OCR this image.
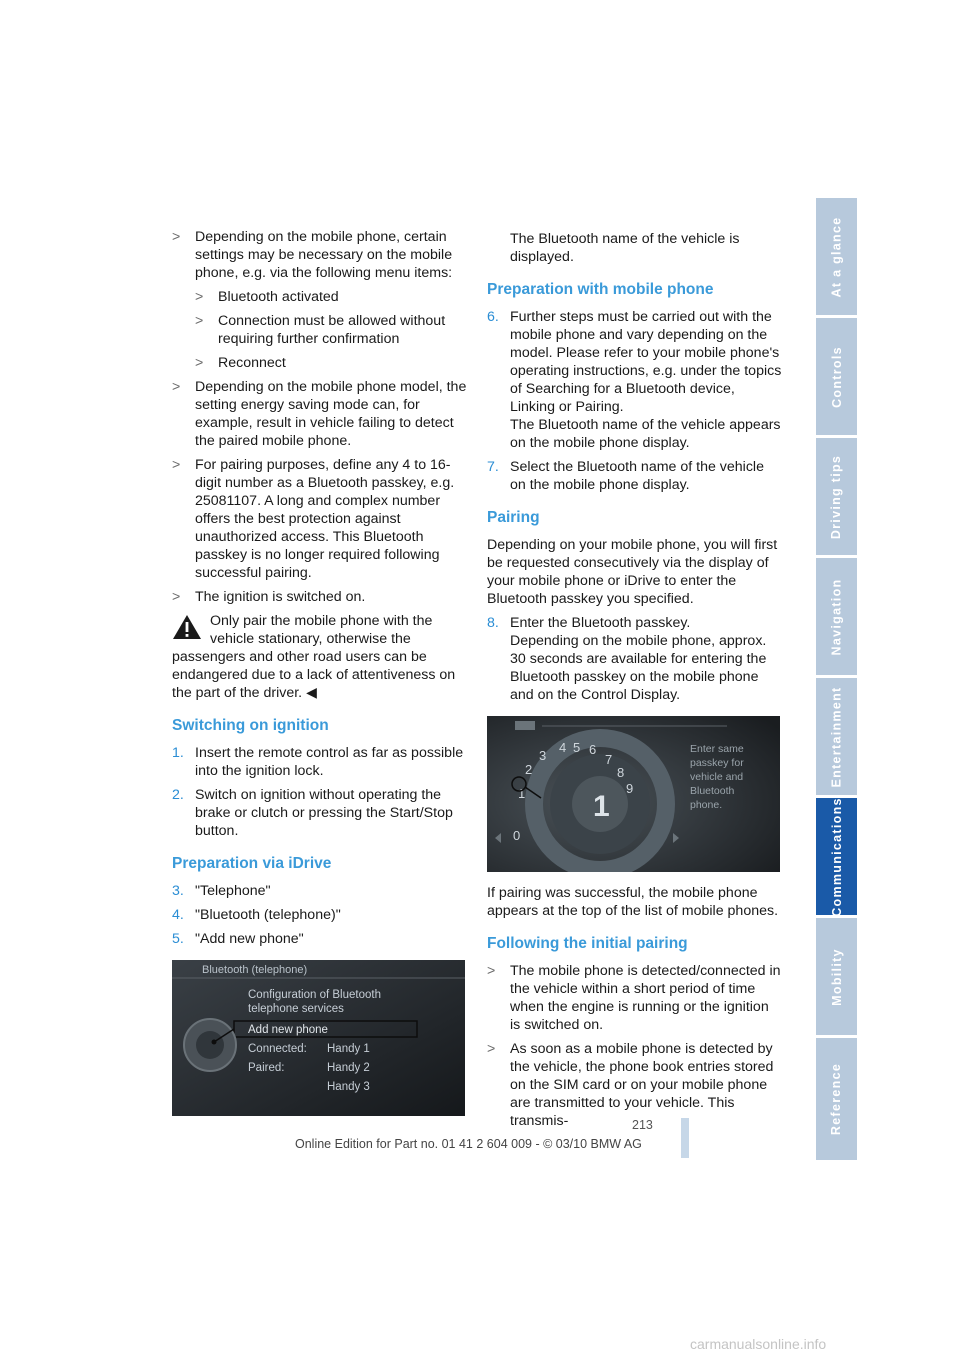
> Depending on the mobile phone, certain settings may be necessary on the mobile phone, e.g. via the following menu items:
> Bluetooth activated
> Connection must be allowed without requiring further confirmation
> Reconnect
> Depending on the mobile phone model, the setting energy saving mode can, for example, result in vehicle failing to detect the paired mobile phone.
> For pairing purposes, define any 4 to 16-digit number as a Bluetooth passkey, e.g. 25081107. A long and complex number offers the best protection against unauthorized access. This Bluetooth passkey is no longer required following successful pairing.
> The ignition is switched on.
Only pair the mobile phone with the vehicle stationary, otherwise the passengers and other road users can be endangered due to a lack of attentiveness on the part of the driver. ◀
Switching on ignition
1. Insert the remote control as far as possible into the ignition lock.
2. Switch on ignition without operating the brake or clutch or pressing the Start/Stop button.
Preparation via iDrive
3. "Telephone"
4. "Bluetooth (telephone)"
5. "Add new phone"
Bluetooth (telephone)
Configuration of Bluetooth
telephone services
Add new phone
Connected: Handy 1
Paired:	Handy 2
Handy 3
The Bluetooth name of the vehicle is displayed.
Preparation with mobile phone
6. Further steps must be carried out with the mobile phone and vary depending on the model. Please refer to your mobile phone's operating instructions, e.g. under the topics of Searching for a Bluetooth device, Linking or Pairing.
The Bluetooth name of the vehicle appears on the mobile phone display.
7. Select the Bluetooth name of the vehicle on the mobile phone display.
Pairing
Depending on your mobile phone, you will first be requested consecutively via the display of your mobile phone or iDrive to enter the Bluetooth passkey you specified.
8. Enter the Bluetooth passkey.
Depending on the mobile phone, approx. 30 seconds are available for entering the Bluetooth passkey on the mobile phone and on the Control Display.
1
0
1
2
3
4 5 6
7
8
9
Enter same
passkey for
vehicle and
Bluetooth
phone.
If pairing was successful, the mobile phone appears at the top of the list of mobile phones.
Following the initial pairing
> The mobile phone is detected/connected in the vehicle within a short period of time when the engine is running or the ignition is switched on.
> As soon as a mobile phone is detected by the vehicle, the phone book entries stored on the SIM card or on your mobile phone are transmitted to your vehicle. This transmis-
At a glance
Controls
Driving tips
Navigation
Entertainment
Communications
Mobility
Reference
213
Online Edition for Part no. 01 41 2 604 009 - © 03/10 BMW AG
carmanualsonline.info
